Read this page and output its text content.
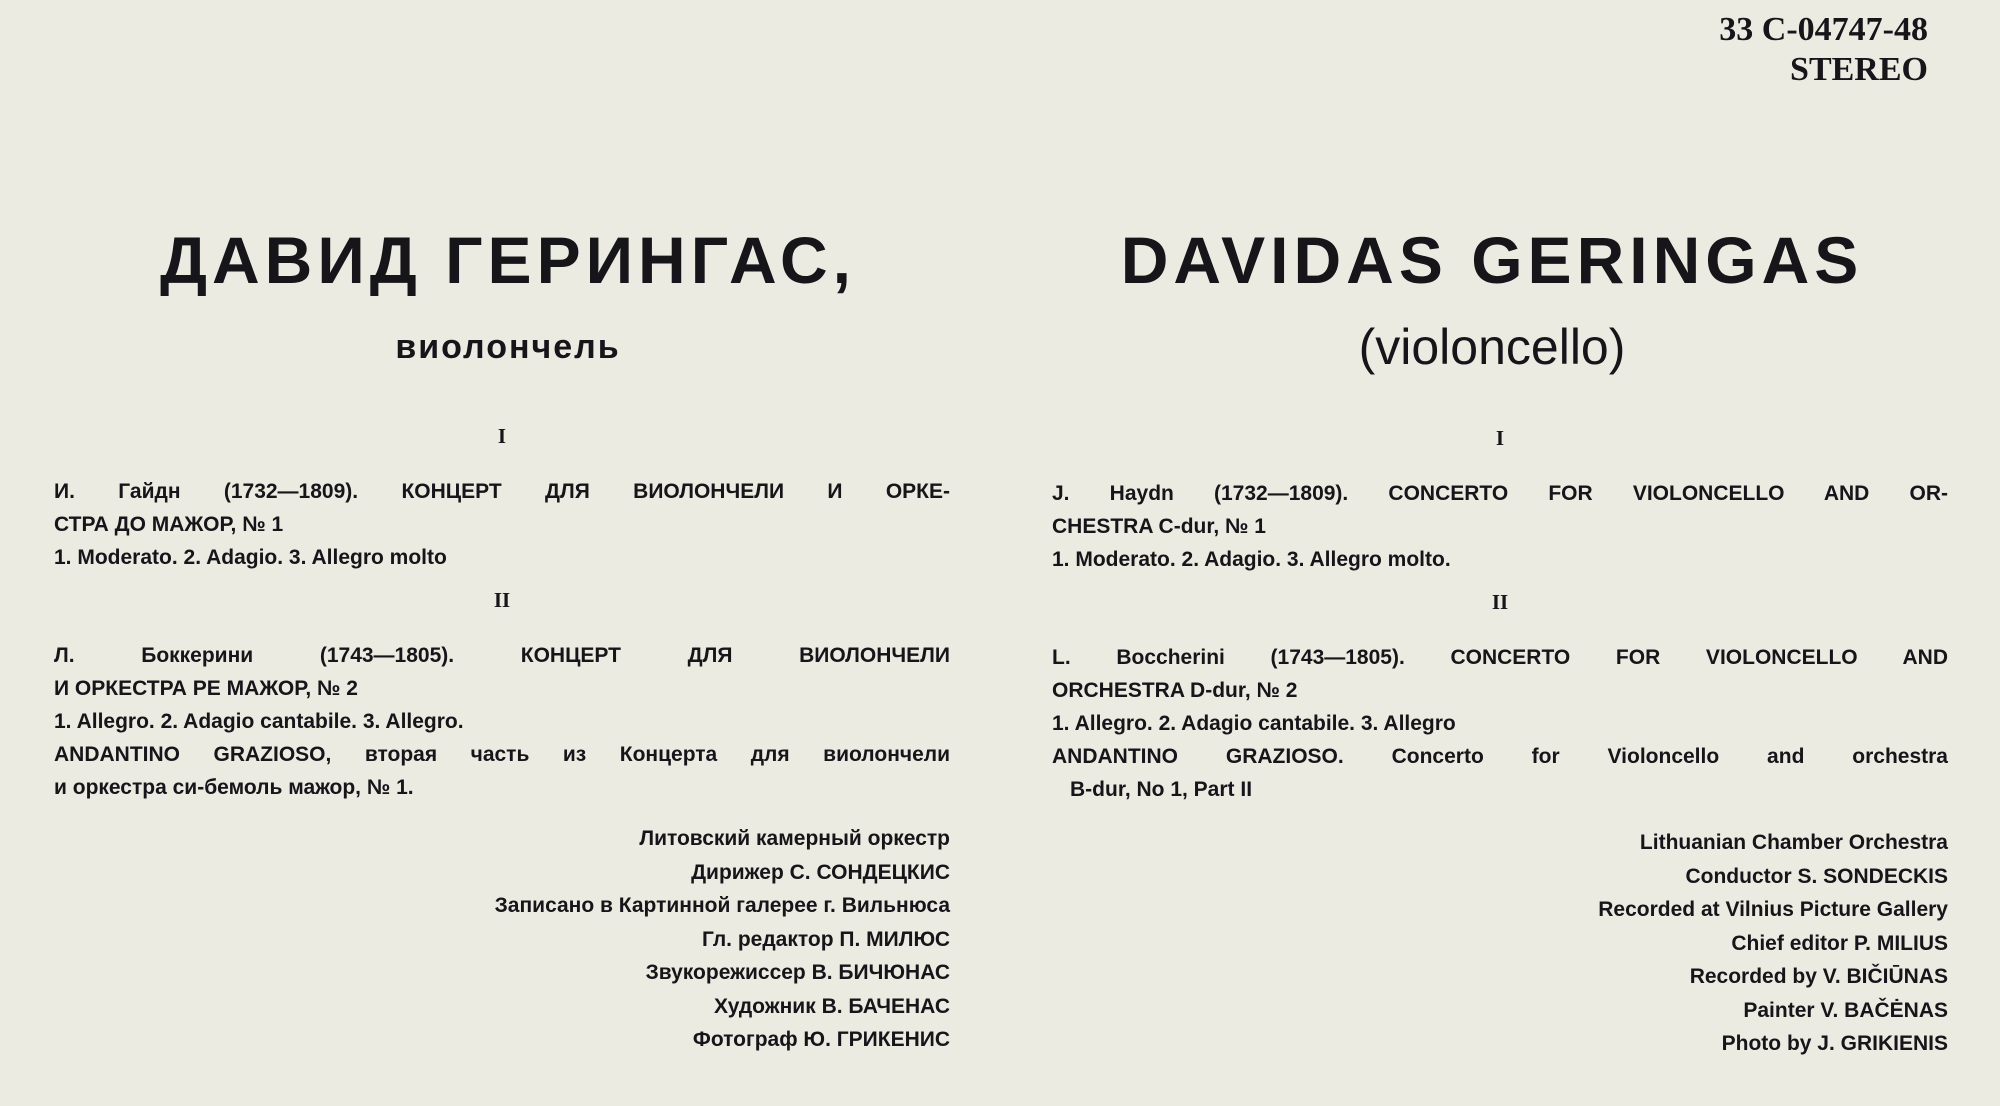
33 С-04747-48
STEREO
ДАВИД ГЕРИНГАС,	DAVIDAS GERINGAS
виолончель	(violoncello)

I

И. Гайдн (1732—1809). КОНЦЕРТ ДЛЯ ВИОЛОНЧЕЛИ И ОРКЕ-

СТРА ДО МАЖОР, № 1

1. Moderato. 2. Adagio. 3. Allegro molto

II

Л. Боккерини (1743—1805). КОНЦЕРТ ДЛЯ ВИОЛОНЧЕЛИ

И ОРКЕСТРА РЕ МАЖОР, № 2

1. Allegro. 2. Adagio cantabile. 3. Allegro.

ANDANTINO GRAZIOSO, вторая часть из Концерта для виолончели

и оркестра си-бемоль мажор, № 1.

I

J. Haydn (1732—1809). CONCERTO FOR VIOLONCELLO AND OR-

CHESTRA C-dur, № 1

1. Moderato. 2. Adagio. 3. Allegro molto.

II

L. Boccherini (1743—1805). CONCERTO FOR VIOLONCELLO AND

ORCHESTRA D-dur, № 2

1. Allegro. 2. Adagio cantabile. 3. Allegro

ANDANTINO GRAZIOSO. Concerto for Violoncello and orchestra

B-dur, No 1, Part II

Литовский камерный оркестр
Дирижер С. СОНДЕЦКИС
Записано в Картинной галерее г. Вильнюса
Гл. редактор П. МИЛЮС
Звукорежиссер В. БИЧЮНАС
Художник В. БАЧЕНАС
Фотограф Ю. ГРИКЕНИС
Lithuanian Chamber Orchestra
Conductor S. SONDECKIS
Recorded at Vilnius Picture Gallery
Chief editor P. MILIUS
Recorded by V. BIČIŪNAS
Painter V. BAČĖNAS
Photo by J. GRIKIENIS
